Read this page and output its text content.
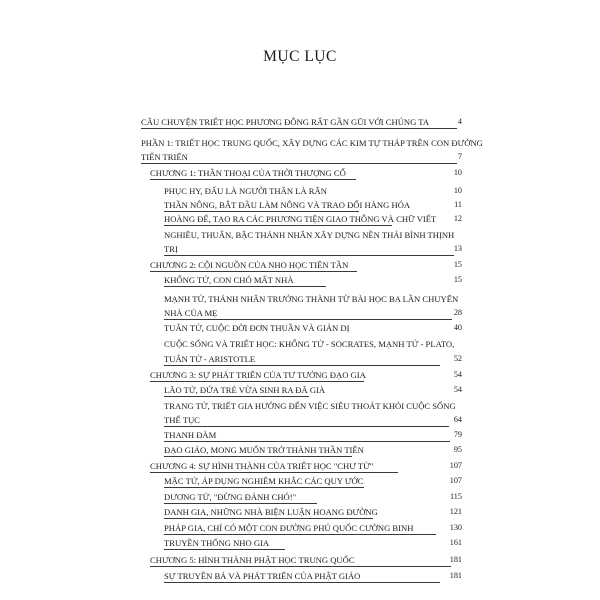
MỤC LỤC
CÂU CHUYỆN TRIẾT HỌC PHƯƠNG ĐÔNG RẤT GẦN GŨI VỚI CHÚNG TA	4
PHẦN 1: TRIẾT HỌC TRUNG QUỐC, XÂY DỰNG CÁC KIM TỰ THÁP TRÊN CON ĐƯỜNG
TIẾN TRIỂN	7
CHƯƠNG 1: THẦN THOẠI CỦA THỜI THƯỢNG CỔ	10
PHỤC HY, ĐẤU LÀ NGƯỜI THÂN LÀ RẮN	10
THẦN NÔNG, BẮT ĐẦU LÀM NÔNG VÀ TRAO ĐỔI HÀNG HÓA	11
HOÀNG ĐẾ, TẠO RA CÁC PHƯƠNG TIỆN GIAO THÔNG VÀ CHỮ VIẾT	12
NGHIÊU, THUẤN, BẬC THÁNH NHÂN XÂY DỰNG NỀN THÁI BÌNH THỊNH
TRỊ	13
CHƯƠNG 2: CỘI NGUỒN CỦA NHO HỌC TIÊN TẦN	15
KHỔNG TỬ, CON CHÓ MẤT NHÀ	15
MẠNH TỬ, THÁNH NHÂN TRƯỞNG THÀNH TỪ BÀI HỌC BA LẦN CHUYỂN
NHÀ CỦA MẸ	28
TUÂN TỬ, CUỘC ĐỜI ĐƠN THUẦN VÀ GIẢN DỊ	40
CUỘC SỐNG VÀ TRIẾT HỌC: KHỔNG TỬ - SOCRATES, MẠNH TỬ - PLATO,
TUÂN TỬ - ARISTOTLE	52
CHƯƠNG 3: SỰ PHÁT TRIỂN CỦA TƯ TƯỞNG ĐẠO GIA	54
LÃO TỬ, ĐỨA TRẺ VỪA SINH RA ĐÃ GIÀ	54
TRANG TỬ, TRIẾT GIA HƯỚNG ĐẾN VIỆC SIÊU THOÁT KHỎI CUỘC SỐNG
THẾ TỤC	64
THANH ĐÀM	79
ĐẠO GIÁO, MONG MUỐN TRỞ THÀNH THẦN TIÊN	95
CHƯƠNG 4: SỰ HÌNH THÀNH CỦA TRIẾT HỌC "CHƯ TỬ"	107
MẶC TỬ, ÁP DỤNG NGHIÊM KHẮC CÁC QUY ƯỚC	107
DƯƠNG TỬ, "ĐỪNG ĐÁNH CHÓ!"	115
DANH GIA, NHỮNG NHÀ BIỆN LUẬN HOANG ĐƯỜNG	121
PHÁP GIA, CHỈ CÓ MỘT CON ĐƯỜNG PHÚ QUỐC CƯỜNG BINH	130
TRUYỀN THỐNG NHO GIA	161
CHƯƠNG 5: HÌNH THÀNH PHẬT HỌC TRUNG QUỐC	181
SỰ TRUYỀN BÁ VÀ PHÁT TRIỂN CỦA PHẬT GIÁO	181
